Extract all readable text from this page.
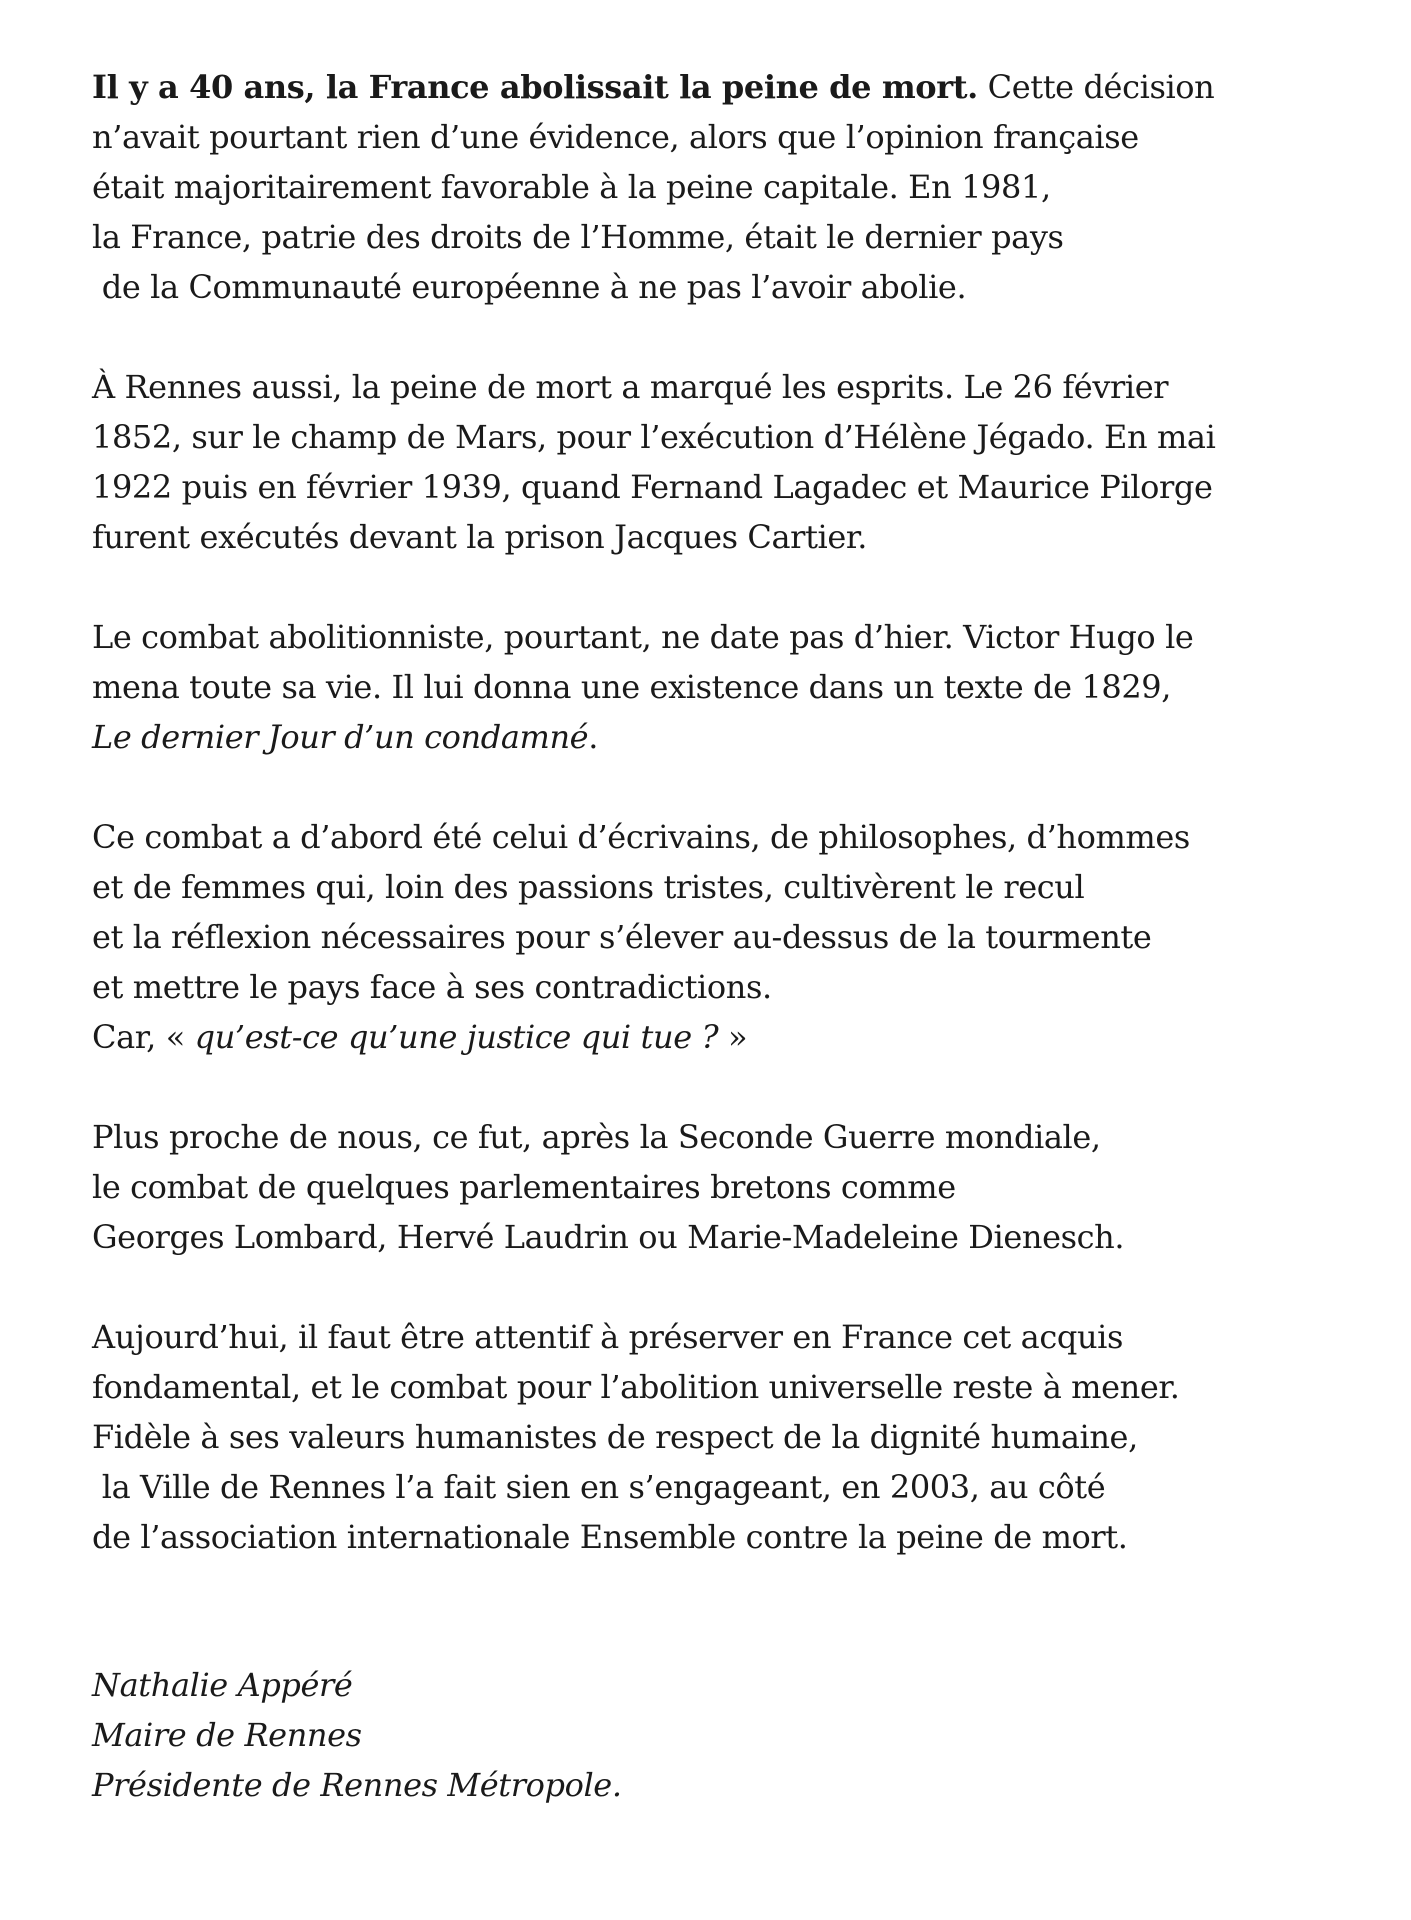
Il y a 40 ans, la France abolissait la peine de mort. Cette décision
n’avait pourtant rien d’une évidence, alors que l’opinion française
était majoritairement favorable à la peine capitale. En 1981,
la France, patrie des droits de l’Homme, était le dernier pays
de la Communauté européenne à ne pas l’avoir abolie.
À Rennes aussi, la peine de mort a marqué les esprits. Le 26 février
1852, sur le champ de Mars, pour l’exécution d’Hélène Jégado. En mai
1922 puis en février 1939, quand Fernand Lagadec et Maurice Pilorge
furent exécutés devant la prison Jacques Cartier.
Le combat abolitionniste, pourtant, ne date pas d’hier. Victor Hugo le
mena toute sa vie. Il lui donna une existence dans un texte de 1829,
Le dernier Jour d’un condamné.
Ce combat a d’abord été celui d’écrivains, de philosophes, d’hommes
et de femmes qui, loin des passions tristes, cultivèrent le recul
et la réflexion nécessaires pour s’élever au-dessus de la tourmente
et mettre le pays face à ses contradictions.
Car, « qu’est-ce qu’une justice qui tue ? »
Plus proche de nous, ce fut, après la Seconde Guerre mondiale,
le combat de quelques parlementaires bretons comme
Georges Lombard, Hervé Laudrin ou Marie-Madeleine Dienesch.
Aujourd’hui, il faut être attentif à préserver en France cet acquis
fondamental, et le combat pour l’abolition universelle reste à mener.
Fidèle à ses valeurs humanistes de respect de la dignité humaine,
la Ville de Rennes l’a fait sien en s’engageant, en 2003, au côté
de l’association internationale Ensemble contre la peine de mort.
Nathalie Appéré
Maire de Rennes
Présidente de Rennes Métropole.
